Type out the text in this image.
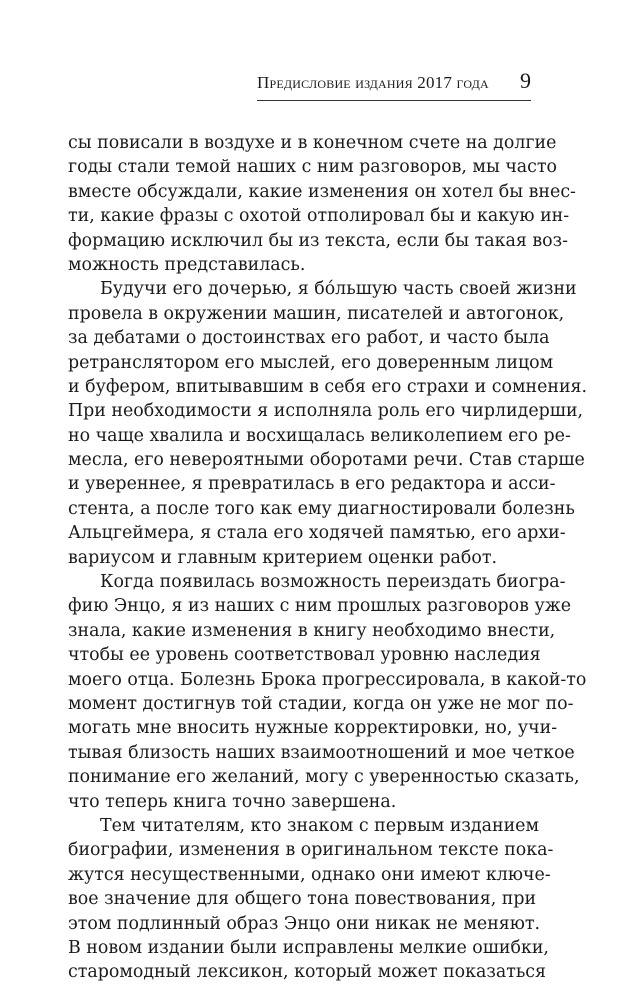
Предисловие издания 2017 года 9
сы повисали в воздухе и в конечном счете на долгие
годы стали темой наших с ним разговоров, мы часто
вместе обсуждали, какие изменения он хотел бы внес-
ти, какие фразы с охотой отполировал бы и какую ин-
формацию исключил бы из текста, если бы такая воз-
можность представилась.
Будучи его дочерью, я бо́льшую часть своей жизни
провела в окружении машин, писателей и автогонок,
за дебатами о достоинствах его работ, и часто была
ретранслятором его мыслей, его доверенным лицом
и буфером, впитывавшим в себя его страхи и сомнения.
При необходимости я исполняла роль его чирлидерши,
но чаще хвалила и восхищалась великолепием его ре-
месла, его невероятными оборотами речи. Став старше
и увереннее, я превратилась в его редактора и асси-
стента, а после того как ему диагностировали болезнь
Альцгеймера, я стала его ходячей памятью, его архи-
вариусом и главным критерием оценки работ.
Когда появилась возможность переиздать биогра-
фию Энцо, я из наших с ним прошлых разговоров уже
знала, какие изменения в книгу необходимо внести,
чтобы ее уровень соответствовал уровню наследия
моего отца. Болезнь Брока прогрессировала, в какой-то
момент достигнув той стадии, когда он уже не мог по-
могать мне вносить нужные корректировки, но, учи-
тывая близость наших взаимоотношений и мое четкое
понимание его желаний, могу с уверенностью сказать,
что теперь книга точно завершена.
Тем читателям, кто знаком с первым изданием
биографии, изменения в оригинальном тексте пока-
жутся несущественными, однако они имеют ключе-
вое значение для общего тона повествования, при
этом подлинный образ Энцо они никак не меняют.
В новом издании были исправлены мелкие ошибки,
старомодный лексикон, который может показаться
